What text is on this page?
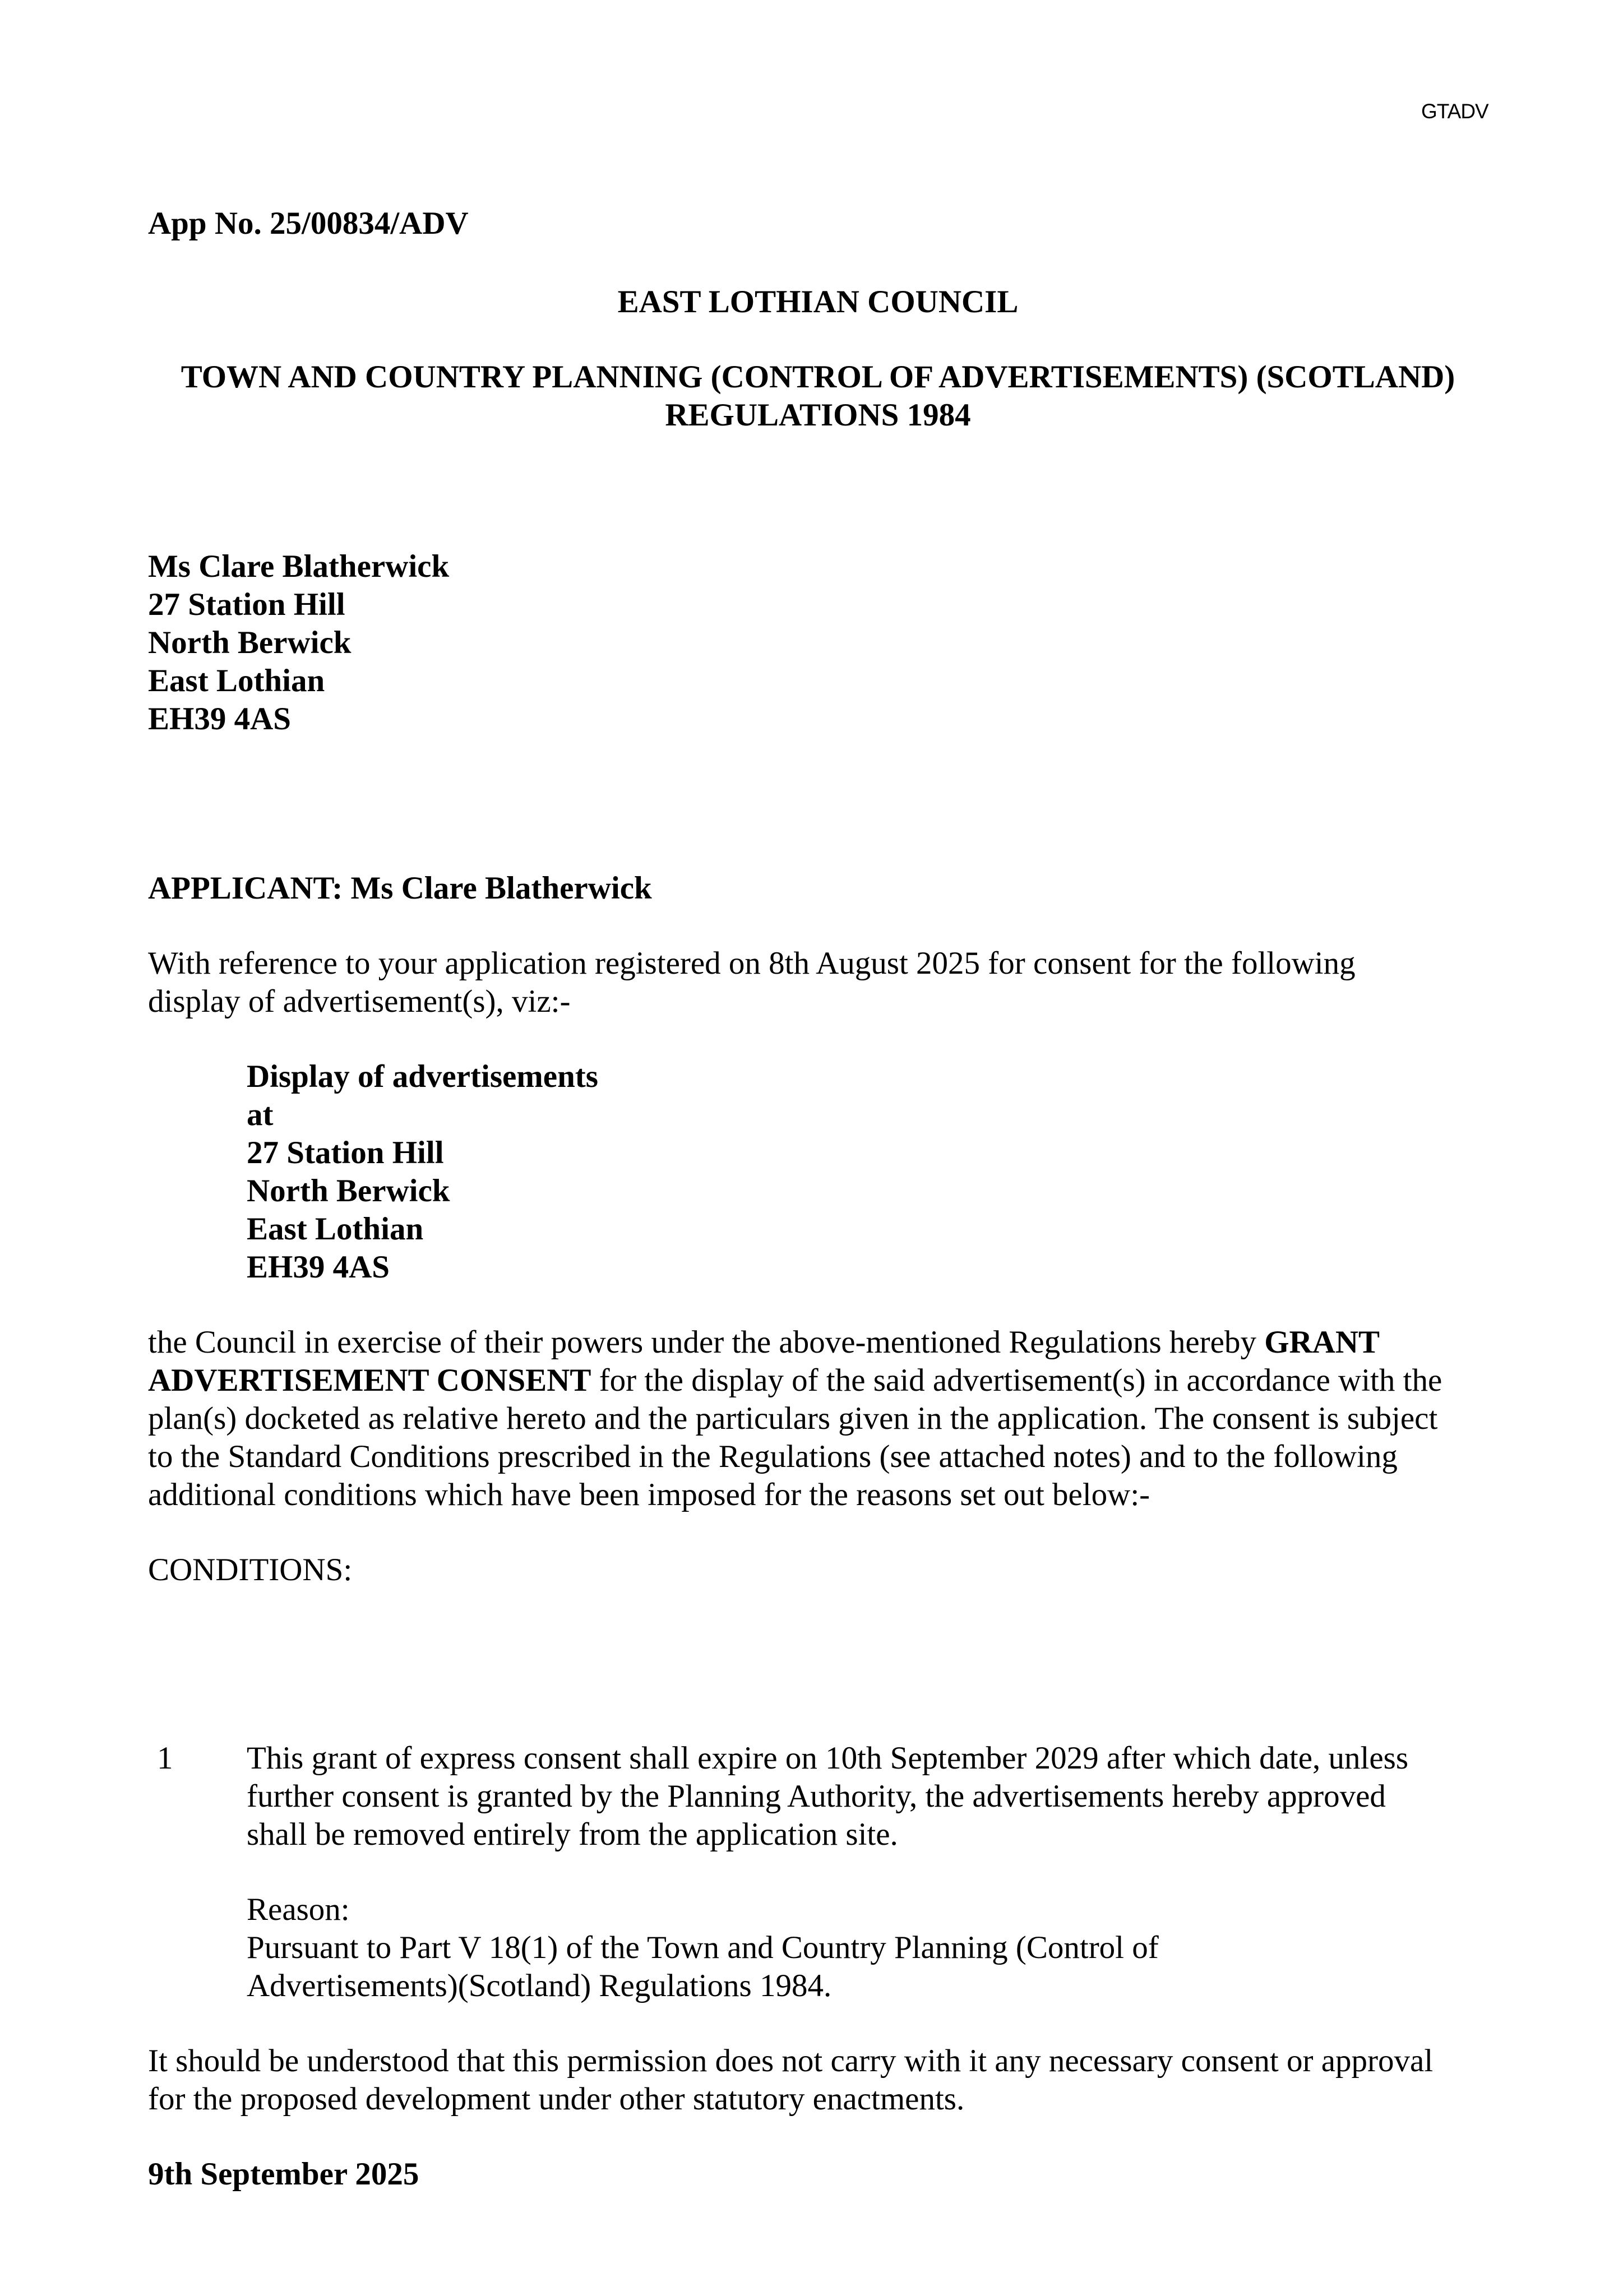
GTADV

App No. 25/00834/ADV

EAST LOTHIAN COUNCIL

TOWN AND COUNTRY PLANNING (CONTROL OF ADVERTISEMENTS) (SCOTLAND)
REGULATIONS 1984
Ms Clare Blatherwick
27 Station Hill
North Berwick
East Lothian
EH39 4AS

APPLICANT: Ms Clare Blatherwick

With reference to your application registered on 8th August 2025 for consent for the following
display of advertisement(s), viz:-
Display of advertisements
at
27 Station Hill
North Berwick
East Lothian
EH39 4AS
the Council in exercise of their powers under the above-mentioned Regulations hereby GRANT
ADVERTISEMENT CONSENT for the display of the said advertisement(s) in accordance with the
plan(s) docketed as relative hereto and the particulars given in the application. The consent is subject
to the Standard Conditions prescribed in the Regulations (see attached notes) and to the following
additional conditions which have been imposed for the reasons set out below:-

CONDITIONS:

1 This grant of express consent shall expire on 10th September 2029 after which date, unless
further consent is granted by the Planning Authority, the advertisements hereby approved
shall be removed entirely from the application site.
Reason:
Pursuant to Part V 18(1) of the Town and Country Planning (Control of
Advertisements)(Scotland) Regulations 1984.
It should be understood that this permission does not carry with it any necessary consent or approval
for the proposed development under other statutory enactments.

9th September 2025
